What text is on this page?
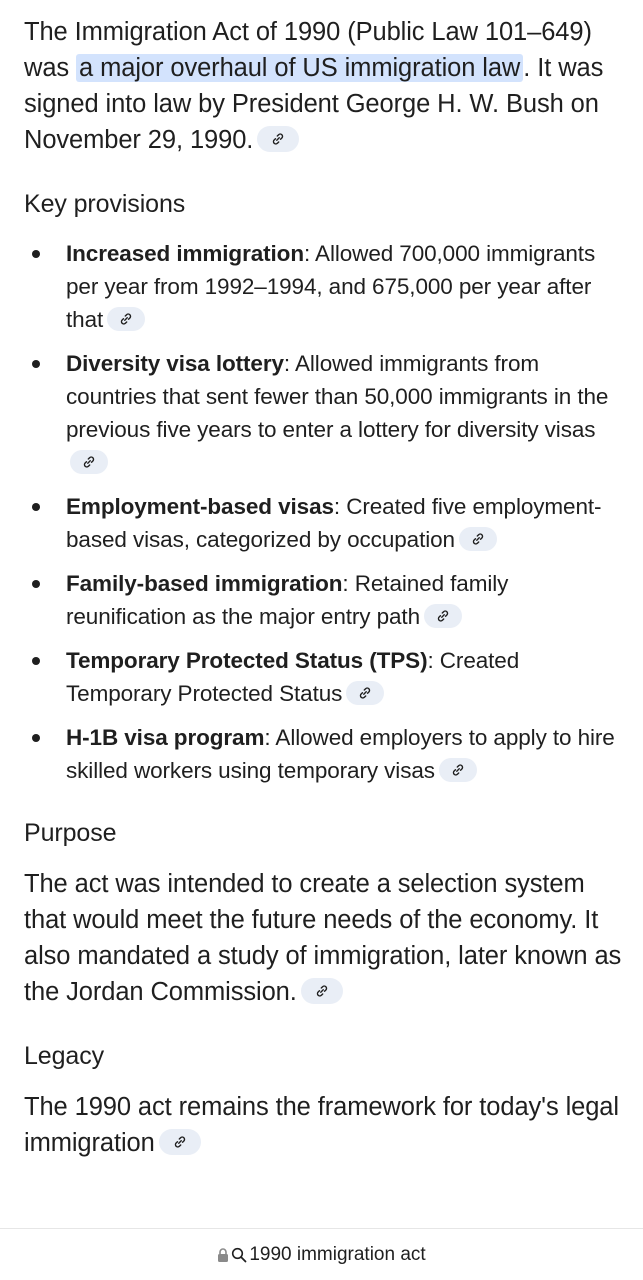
The Immigration Act of 1990 (Public Law 101–649) was a major overhaul of US immigration law . It was signed into law by President George H. W. Bush on November 29, 1990.

Key provisions
Increased immigration: Allowed 700,000 immigrants per year from 1992–1994, and 675,000 per year after that
Diversity visa lottery: Allowed immigrants from countries that sent fewer than 50,000 immigrants in the previous five years to enter a lottery for diversity visas
Employment-based visas: Created five employment-based visas, categorized by occupation
Family-based immigration: Retained family reunification as the major entry path
Temporary Protected Status (TPS): Created Temporary Protected Status
H-1B visa program: Allowed employers to apply to hire skilled workers using temporary visas
Purpose

The act was intended to create a selection system that would meet the future needs of the economy. It also mandated a study of immigration, later known as the Jordan Commission.

Legacy

The 1990 act remains the framework for today's legal immigration

1990 immigration act
